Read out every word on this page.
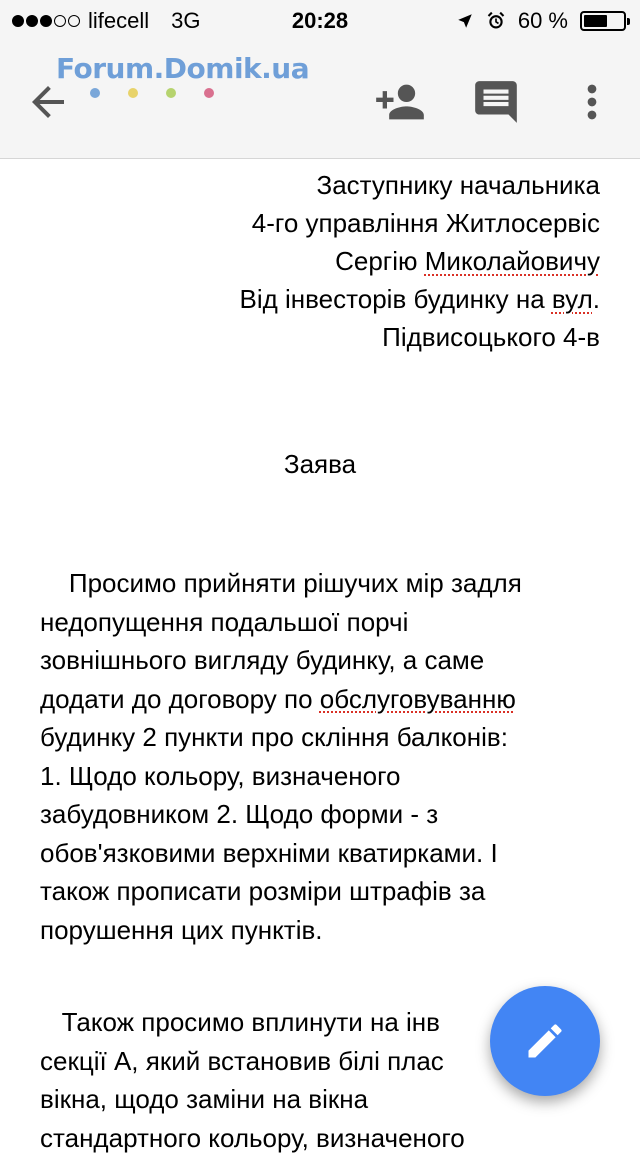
lifecell 3G	20:28	60 %
Forum.Domik.ua
Заступнику начальника
4-го управління Житлосервіс
Сергію Миколайовичу
Від інвесторів будинку на вул.
Підвисоцького 4-в
Заява
Просимо прийняти рішучих мір задля
недопущення подальшої порчі
зовнішнього вигляду будинку, а саме
додати до договору по обслуговуванню
будинку 2 пункти про скління балконів:
1. Щодо кольору, визначеного
забудовником 2. Щодо форми - з
обов'язковими верхніми кватирками. І
також прописати розміри штрафів за
порушення цих пунктів.
Також просимо вплинути на інв
секції А, який встановив білі плас
вікна, щодо заміни на вікна
стандартного кольору, визначеного
